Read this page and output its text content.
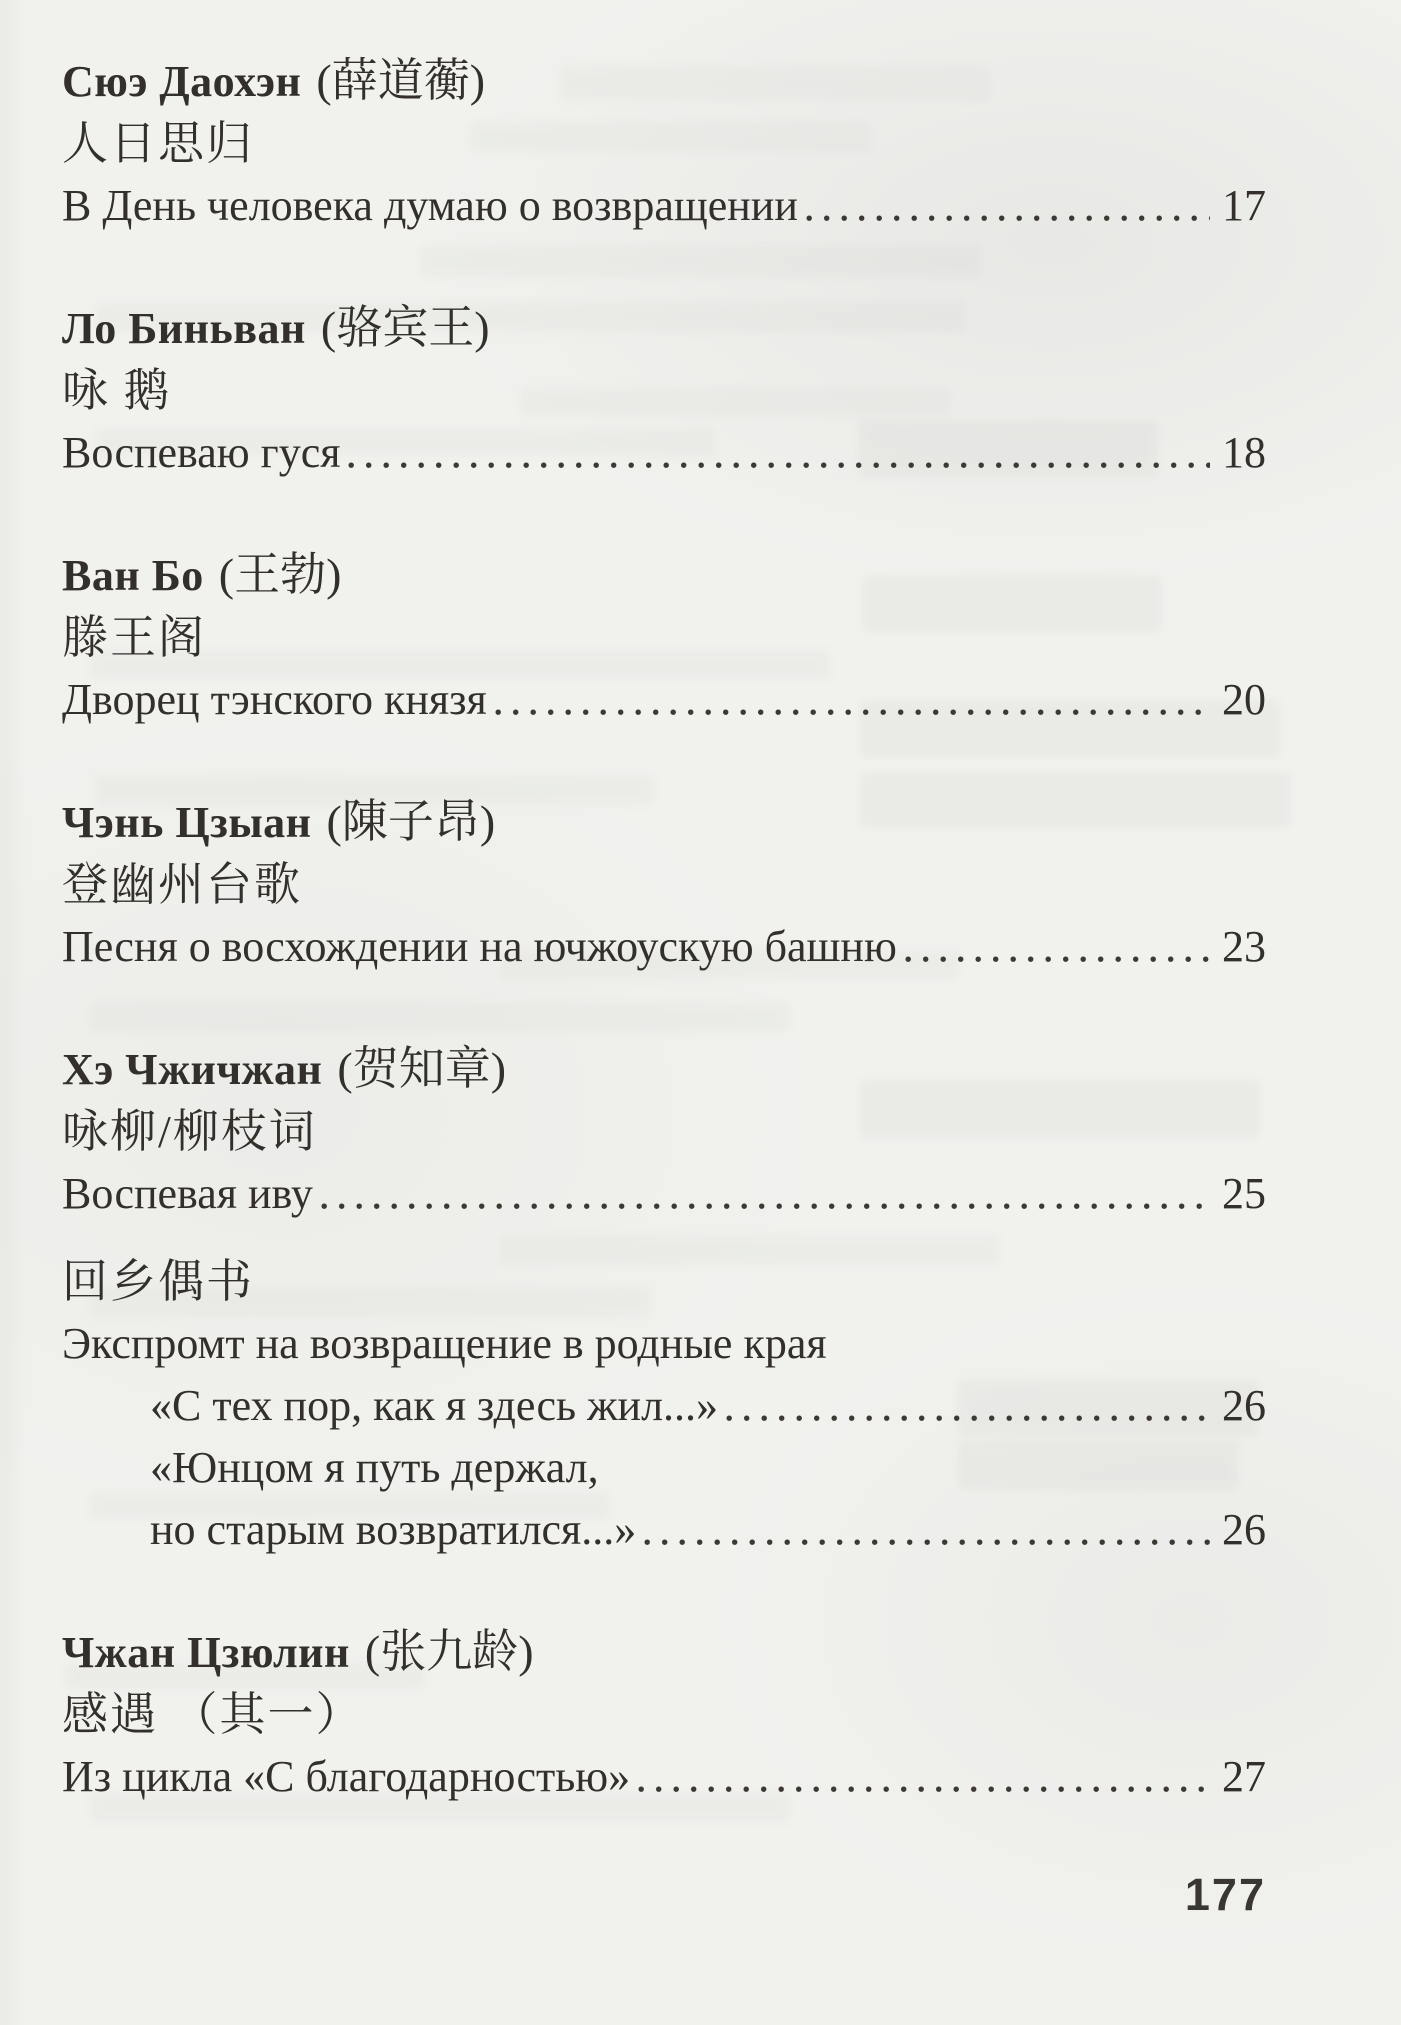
Сюэ Даохэн (薛道蘅)
人日思归
В День человека думаю о возвращении	17
Ло Биньван (骆宾王)
咏 鹅
Воспеваю гуся	18
Ван Бо (王勃)
滕王阁
Дворец тэнского князя	20
Чэнь Цзыан (陳子昂)
登幽州台歌
Песня о восхождении на ючжоускую башню	23
Хэ Чжичжан (贺知章)
咏柳/柳枝词
Воспевая иву	25
回乡偶书
Экспромт на возвращение в родные края
«С тех пор, как я здесь жил...»	26
«Юнцом я путь держал,
но старым возвратился...»	26
Чжан Цзюлин (张九龄)
感遇 （其一）
Из цикла «С благодарностью»	27
177
